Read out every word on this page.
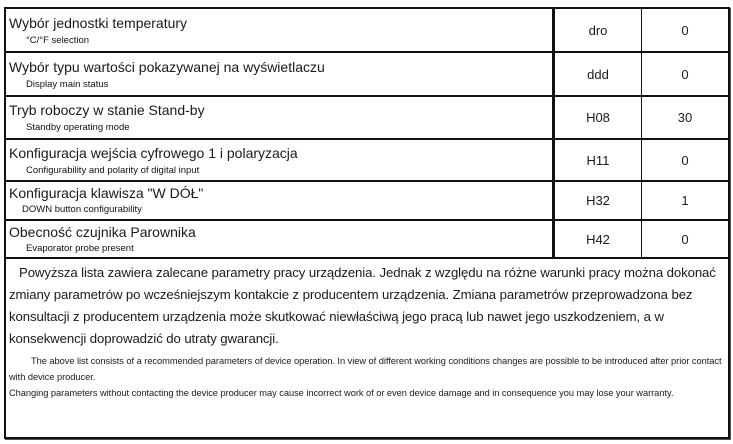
Wybór jednostki temperatury
°C/°F selection	dro	0

Wybór typu wartości pokazywanej na wyświetlaczu
Display main status	ddd	0

Tryb roboczy w stanie Stand-by
Standby operating mode	H08	30

Konfiguracja wejścia cyfrowego 1 i polaryzacja
Configurability and polarity of digital input	H11	0

Konfiguracja klawisza "W DÓŁ"
DOWN button configurability	H32	1

Obecność czujnika Parownika
Evaporator probe present	H42	0
Powyższa lista zawiera zalecane parametry pracy urządzenia. Jednak z względu na różne warunki pracy można dokonać zmiany parametrów po wcześniejszym kontakcie z producentem urządzenia. Zmiana parametrów przeprowadzona bez konsultacji z producentem urządzenia może skutkować niewłaściwą jego pracą lub nawet jego uszkodzeniem, a w konsekwencji doprowadzić do utraty gwarancji.
The above list consists of a recommended parameters of device operation. In view of different working conditions changes are possible to be introduced after prior contact with device producer.
Changing parameters without contacting the device producer may cause incorrect work of or even device damage and in consequence you may lose your warranty.
